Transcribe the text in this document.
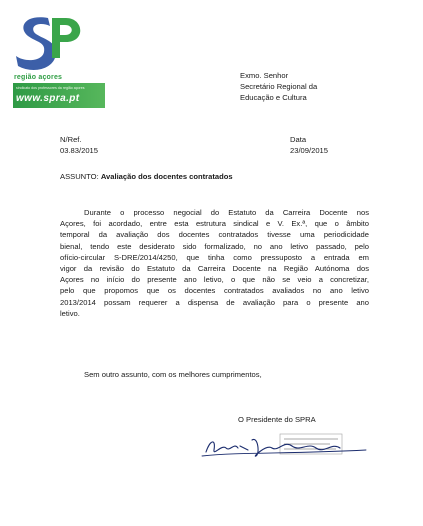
região açores
sindicato dos professores da região açores
www.spra.pt
Exmo. Senhor
Secretário Regional da
Educação e Cultura
N/Ref.
03.83/2015
Data
23/09/2015
ASSUNTO: Avaliação dos docentes contratados
Durante o processo negocial do Estatuto da Carreira Docente nos
Açores, foi acordado, entre esta estrutura sindical e V. Ex.ª, que o âmbito
temporal da avaliação dos docentes contratados tivesse uma periodicidade
bienal, tendo este desiderato sido formalizado, no ano letivo passado, pelo
ofício-circular S-DRE/2014/4250, que tinha como pressuposto a entrada em
vigor da revisão do Estatuto da Carreira Docente na Região Autónoma dos
Açores no início do presente ano letivo, o que não se veio a concretizar,
pelo que propomos que os docentes contratados avaliados no ano letivo
2013/2014 possam requerer a dispensa de avaliação para o presente ano
letivo.
Sem outro assunto, com os melhores cumprimentos,
O Presidente do SPRA
